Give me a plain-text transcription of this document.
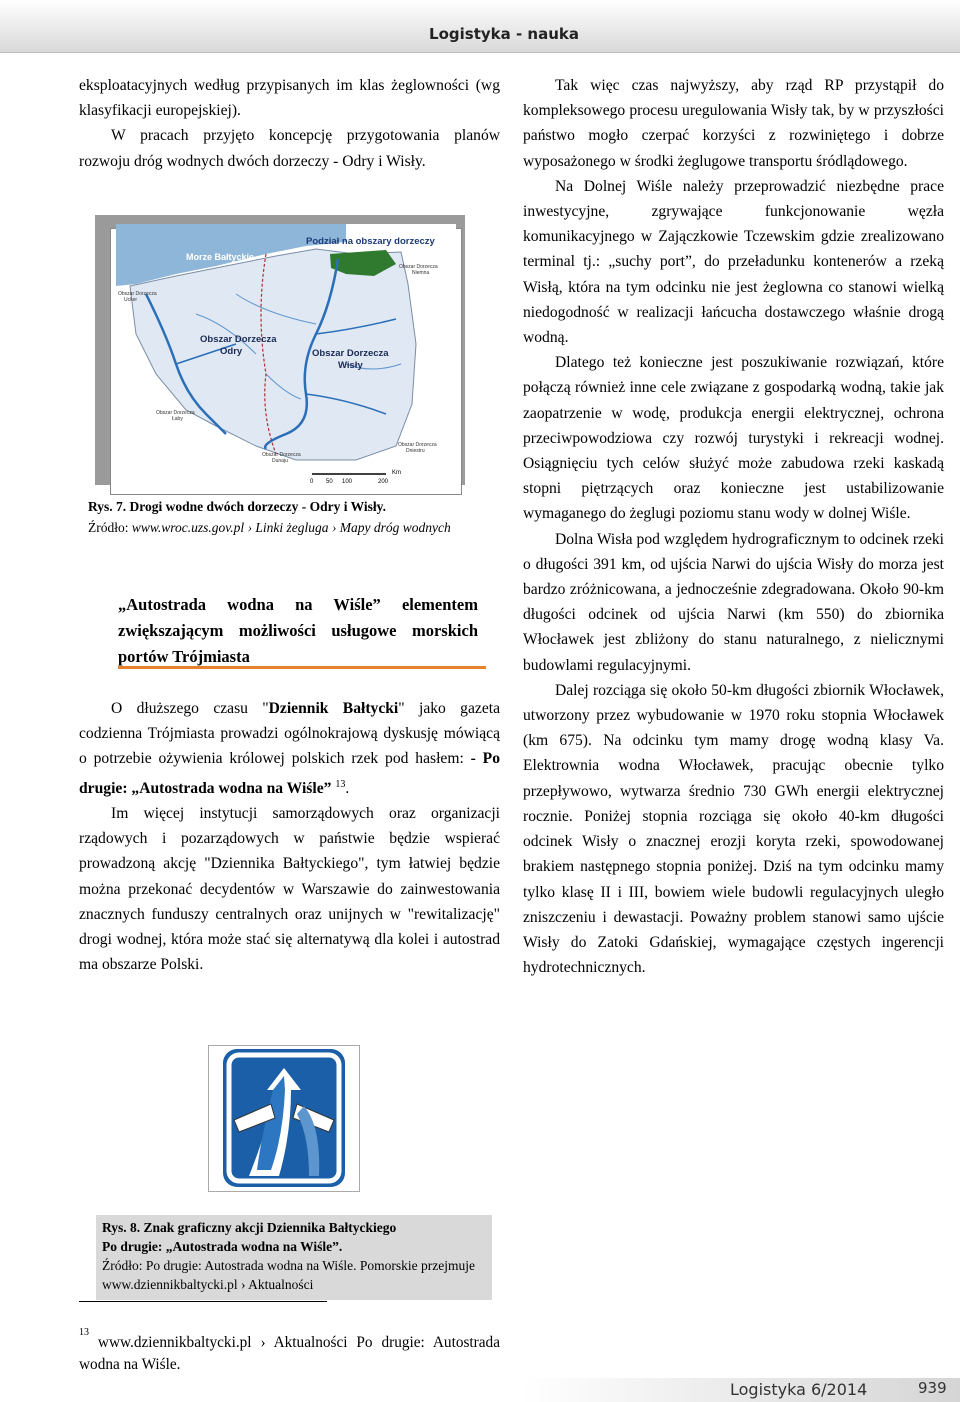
Logistyka - nauka

eksploatacyjnych według przypisanych im klas żeglowności (wg klasyfikacji europejskiej).

W pracach przyjęto koncepcję przygotowania planów rozwoju dróg wodnych dwóch dorzeczy - Odry i Wisły.

Morze Bałtyckie
Podział na obszary dorzeczy
Obszar Dorzecza
Odry	Obszar Dorzecza
Wisły
Obszar Dorzecza
Ucker
Obszar Dorzecza
Łaby
Obszar Dorzecza
Dunaju
Obszar Dorzecza
Niemna
Obszar Dorzecza
Dniestru
0 50 100	200
Km
Rys. 7. Drogi wodne dwóch dorzeczy - Odry i Wisły.
Źródło: www.wroc.uzs.gov.pl › Linki żegluga › Mapy dróg wodnych
„Autostrada wodna na Wiśle” elementem zwiększającym możliwości usługowe morskich portów Trójmiasta

O dłuższego czasu "Dziennik Bałtycki" jako gazeta codzienna Trójmiasta prowadzi ogólnokrajową dyskusję mówiącą o potrzebie ożywienia królowej polskich rzek pod hasłem: - Po drugie: „Autostrada wodna na Wiśle” $^{13}$.

Im więcej instytucji samorządowych oraz organizacji rządowych i pozarządowych w państwie będzie wspierać prowadzoną akcję "Dziennika Bałtyckiego", tym łatwiej będzie można przekonać decydentów w Warszawie do zainwestowania znacznych funduszy centralnych oraz unijnych w "rewitalizację" drogi wodnej, która może stać się alternatywą dla kolei i autostrad ma obszarze Polski.

Tak więc czas najwyższy, aby rząd RP przystąpił do kompleksowego procesu uregulowania Wisły tak, by w przyszłości państwo mogło czerpać korzyści z rozwiniętego i dobrze wyposażonego w środki żeglugowe transportu śródlądowego.

Na Dolnej Wiśle należy przeprowadzić niezbędne prace inwestycyjne, zgrywające funkcjonowanie węzła komunikacyjnego w Zajączkowie Tczewskim gdzie zrealizowano terminal tj.: „suchy port”, do przeładunku kontenerów a rzeką Wisłą, która na tym odcinku nie jest żeglowna co stanowi wielką niedogodność w realizacji łańcucha dostawczego właśnie drogą wodną.

Dlatego też konieczne jest poszukiwanie rozwiązań, które połączą również inne cele związane z gospodarką wodną, takie jak zaopatrzenie w wodę, produkcja energii elektrycznej, ochrona przeciwpowodziowa czy rozwój turystyki i rekreacji wodnej. Osiągnięciu tych celów służyć może zabudowa rzeki kaskadą stopni piętrzących oraz konieczne jest ustabilizowanie wymaganego do żeglugi poziomu stanu wody w dolnej Wiśle.

Dolna Wisła pod względem hydrograficznym to odcinek rzeki o długości 391 km, od ujścia Narwi do ujścia Wisły do morza jest bardzo zróżnicowana, a jednocześnie zdegradowana. Około 90-km długości odcinek od ujścia Narwi (km 550) do zbiornika Włocławek jest zbliżony do stanu naturalnego, z nielicznymi budowlami regulacyjnymi.

Dalej rozciąga się około 50-km długości zbiornik Włocławek, utworzony przez wybudowanie w 1970 roku stopnia Włocławek (km 675). Na odcinku tym mamy drogę wodną klasy Va. Elektrownia wodna Włocławek, pracując obecnie tylko przepływowo, wytwarza średnio 730 GWh energii elektrycznej rocznie. Poniżej stopnia rozciąga się około 40-km długości odcinek Wisły o znacznej erozji koryta rzeki, spowodowanej brakiem następnego stopnia poniżej. Dziś na tym odcinku mamy tylko klasę II i III, bowiem wiele budowli regulacyjnych uległo zniszczeniu i dewastacji. Poważny problem stanowi samo ujście Wisły do Zatoki Gdańskiej, wymagające częstych ingerencji hydrotechnicznych.

Rys. 8. Znak graficzny akcji Dziennika Bałtyckiego
Po drugie: „Autostrada wodna na Wiśle”.
Źródło: Po drugie: Autostrada wodna na Wiśle. Pomorskie przejmuje www.dziennikbaltycki.pl › Aktualności
$^{13}$ www.dziennikbaltycki.pl › Aktualności Po drugie: Autostrada wodna na Wiśle.
Logistyka 6/2014	939
